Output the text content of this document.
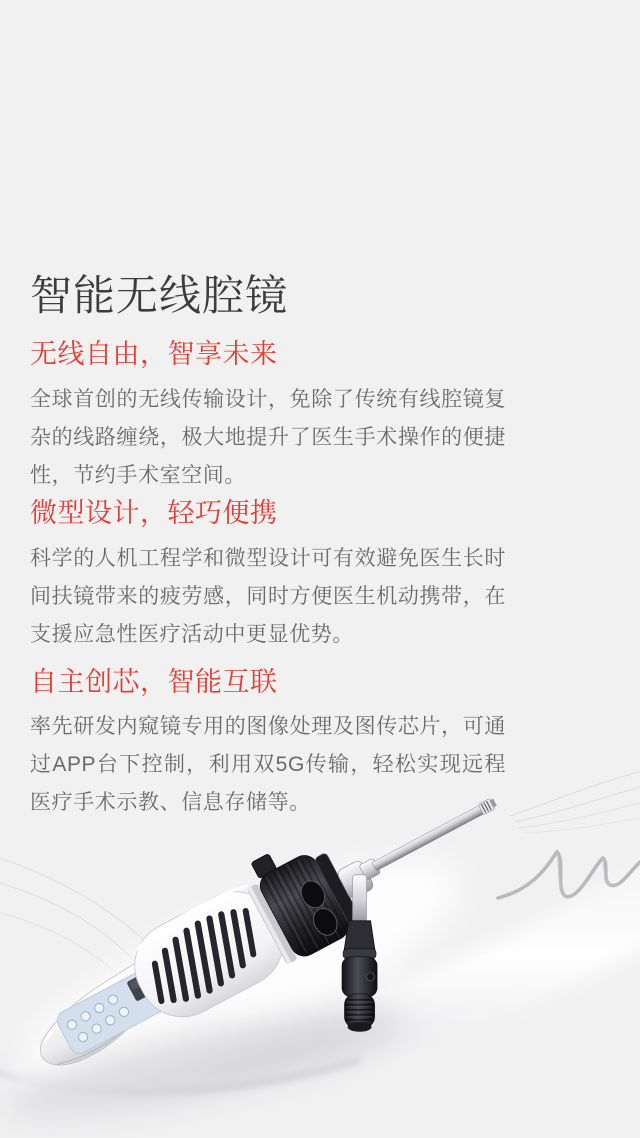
智能无线腔镜
无线自由，智享未来

全球首创的无线传输设计，免除了传统有线腔镜复杂的线路缠绕，极大地提升了医生手术操作的便捷性，节约手术室空间。

微型设计，轻巧便携

科学的人机工程学和微型设计可有效避免医生长时间扶镜带来的疲劳感，同时方便医生机动携带，在支援应急性医疗活动中更显优势。

自主创芯，智能互联

率先研发内窥镜专用的图像处理及图传芯片，可通过APP台下控制，利用双5G传输，轻松实现远程医疗手术示教、信息存储等。
